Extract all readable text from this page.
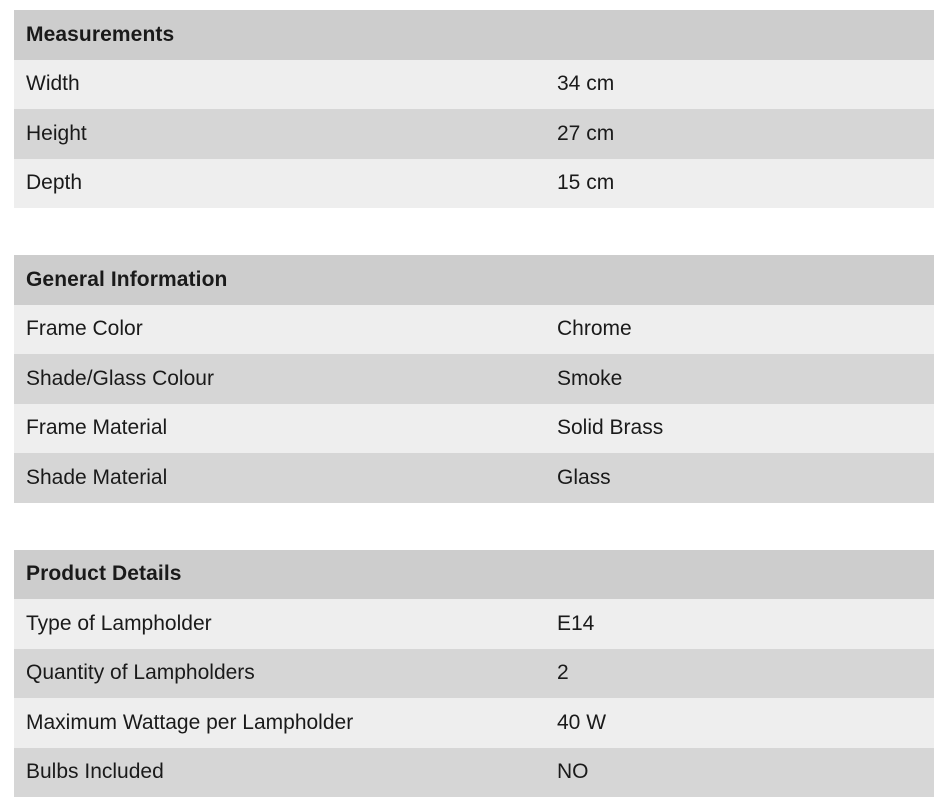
Measurements
Width	34 cm
Height	27 cm
Depth	15 cm
General Information
Frame Color	Chrome
Shade/Glass Colour	Smoke
Frame Material	Solid Brass
Shade Material	Glass
Product Details
Type of Lampholder	E14
Quantity of Lampholders	2
Maximum Wattage per Lampholder	40 W
Bulbs Included	NO
